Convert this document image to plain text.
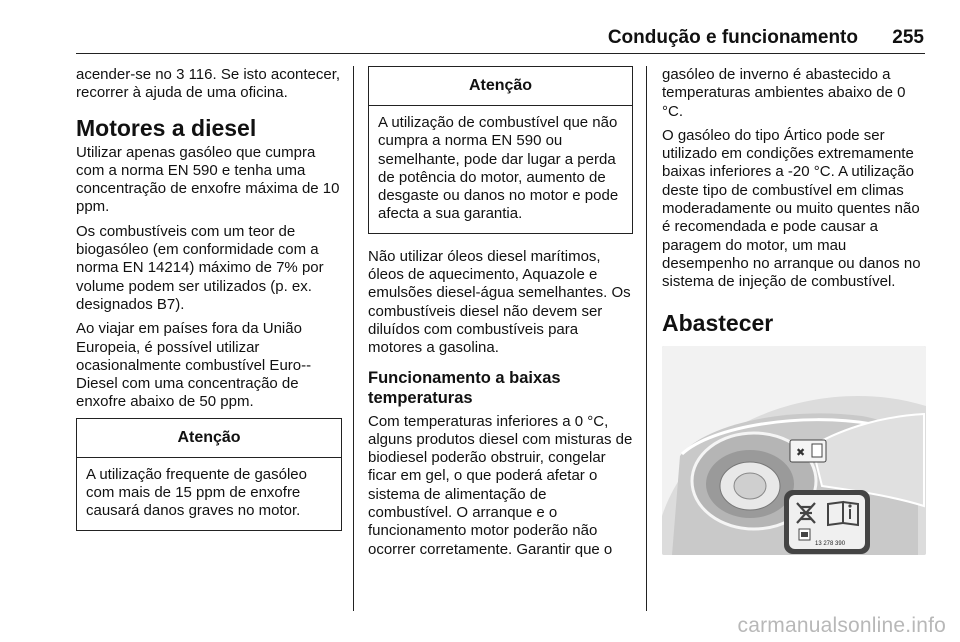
Condução e funcionamento 255

acender-se no 3 116. Se isto acontecer, recorrer à ajuda de uma oficina.

Motores a diesel

Utilizar apenas gasóleo que cumpra com a norma EN 590 e tenha uma concentração de enxofre máxima de 10 ppm.

Os combustíveis com um teor de biogasóleo (em conformidade com a norma EN 14214) máximo de 7% por volume podem ser utilizados (p. ex. designados B7).

Ao viajar em países fora da União Europeia, é possível utilizar ocasionalmente combustível Euro--Diesel com uma concentração de enxofre abaixo de 50 ppm.

Atenção
A utilização frequente de gasóleo com mais de 15 ppm de enxofre causará danos graves no motor.
Atenção
A utilização de combustível que não cumpra a norma EN 590 ou semelhante, pode dar lugar a perda de potência do motor, aumento de desgaste ou danos no motor e pode afecta a sua garantia.

Não utilizar óleos diesel marítimos, óleos de aquecimento, Aquazole e emulsões diesel-água semelhantes. Os combustíveis diesel não devem ser diluídos com combustíveis para motores a gasolina.

Funcionamento a baixas temperaturas

Com temperaturas inferiores a 0 °C, alguns produtos diesel com misturas de biodiesel poderão obstruir, congelar ficar em gel, o que poderá afetar o sistema de alimentação de combustível. O arranque e o funcionamento motor poderão não ocorrer corretamente. Garantir que o

gasóleo de inverno é abastecido a temperaturas ambientes abaixo de 0 °C.

O gasóleo do tipo Ártico pode ser utilizado em condições extremamente baixas inferiores a -20 °C. A utilização deste tipo de combustível em climas moderadamente ou muito quentes não é recomendada e pode causar a paragem do motor, um mau desempenho no arranque ou danos no sistema de injeção de combustível.

Abastecer
✖
13 278 390
carmanualsonline.info
